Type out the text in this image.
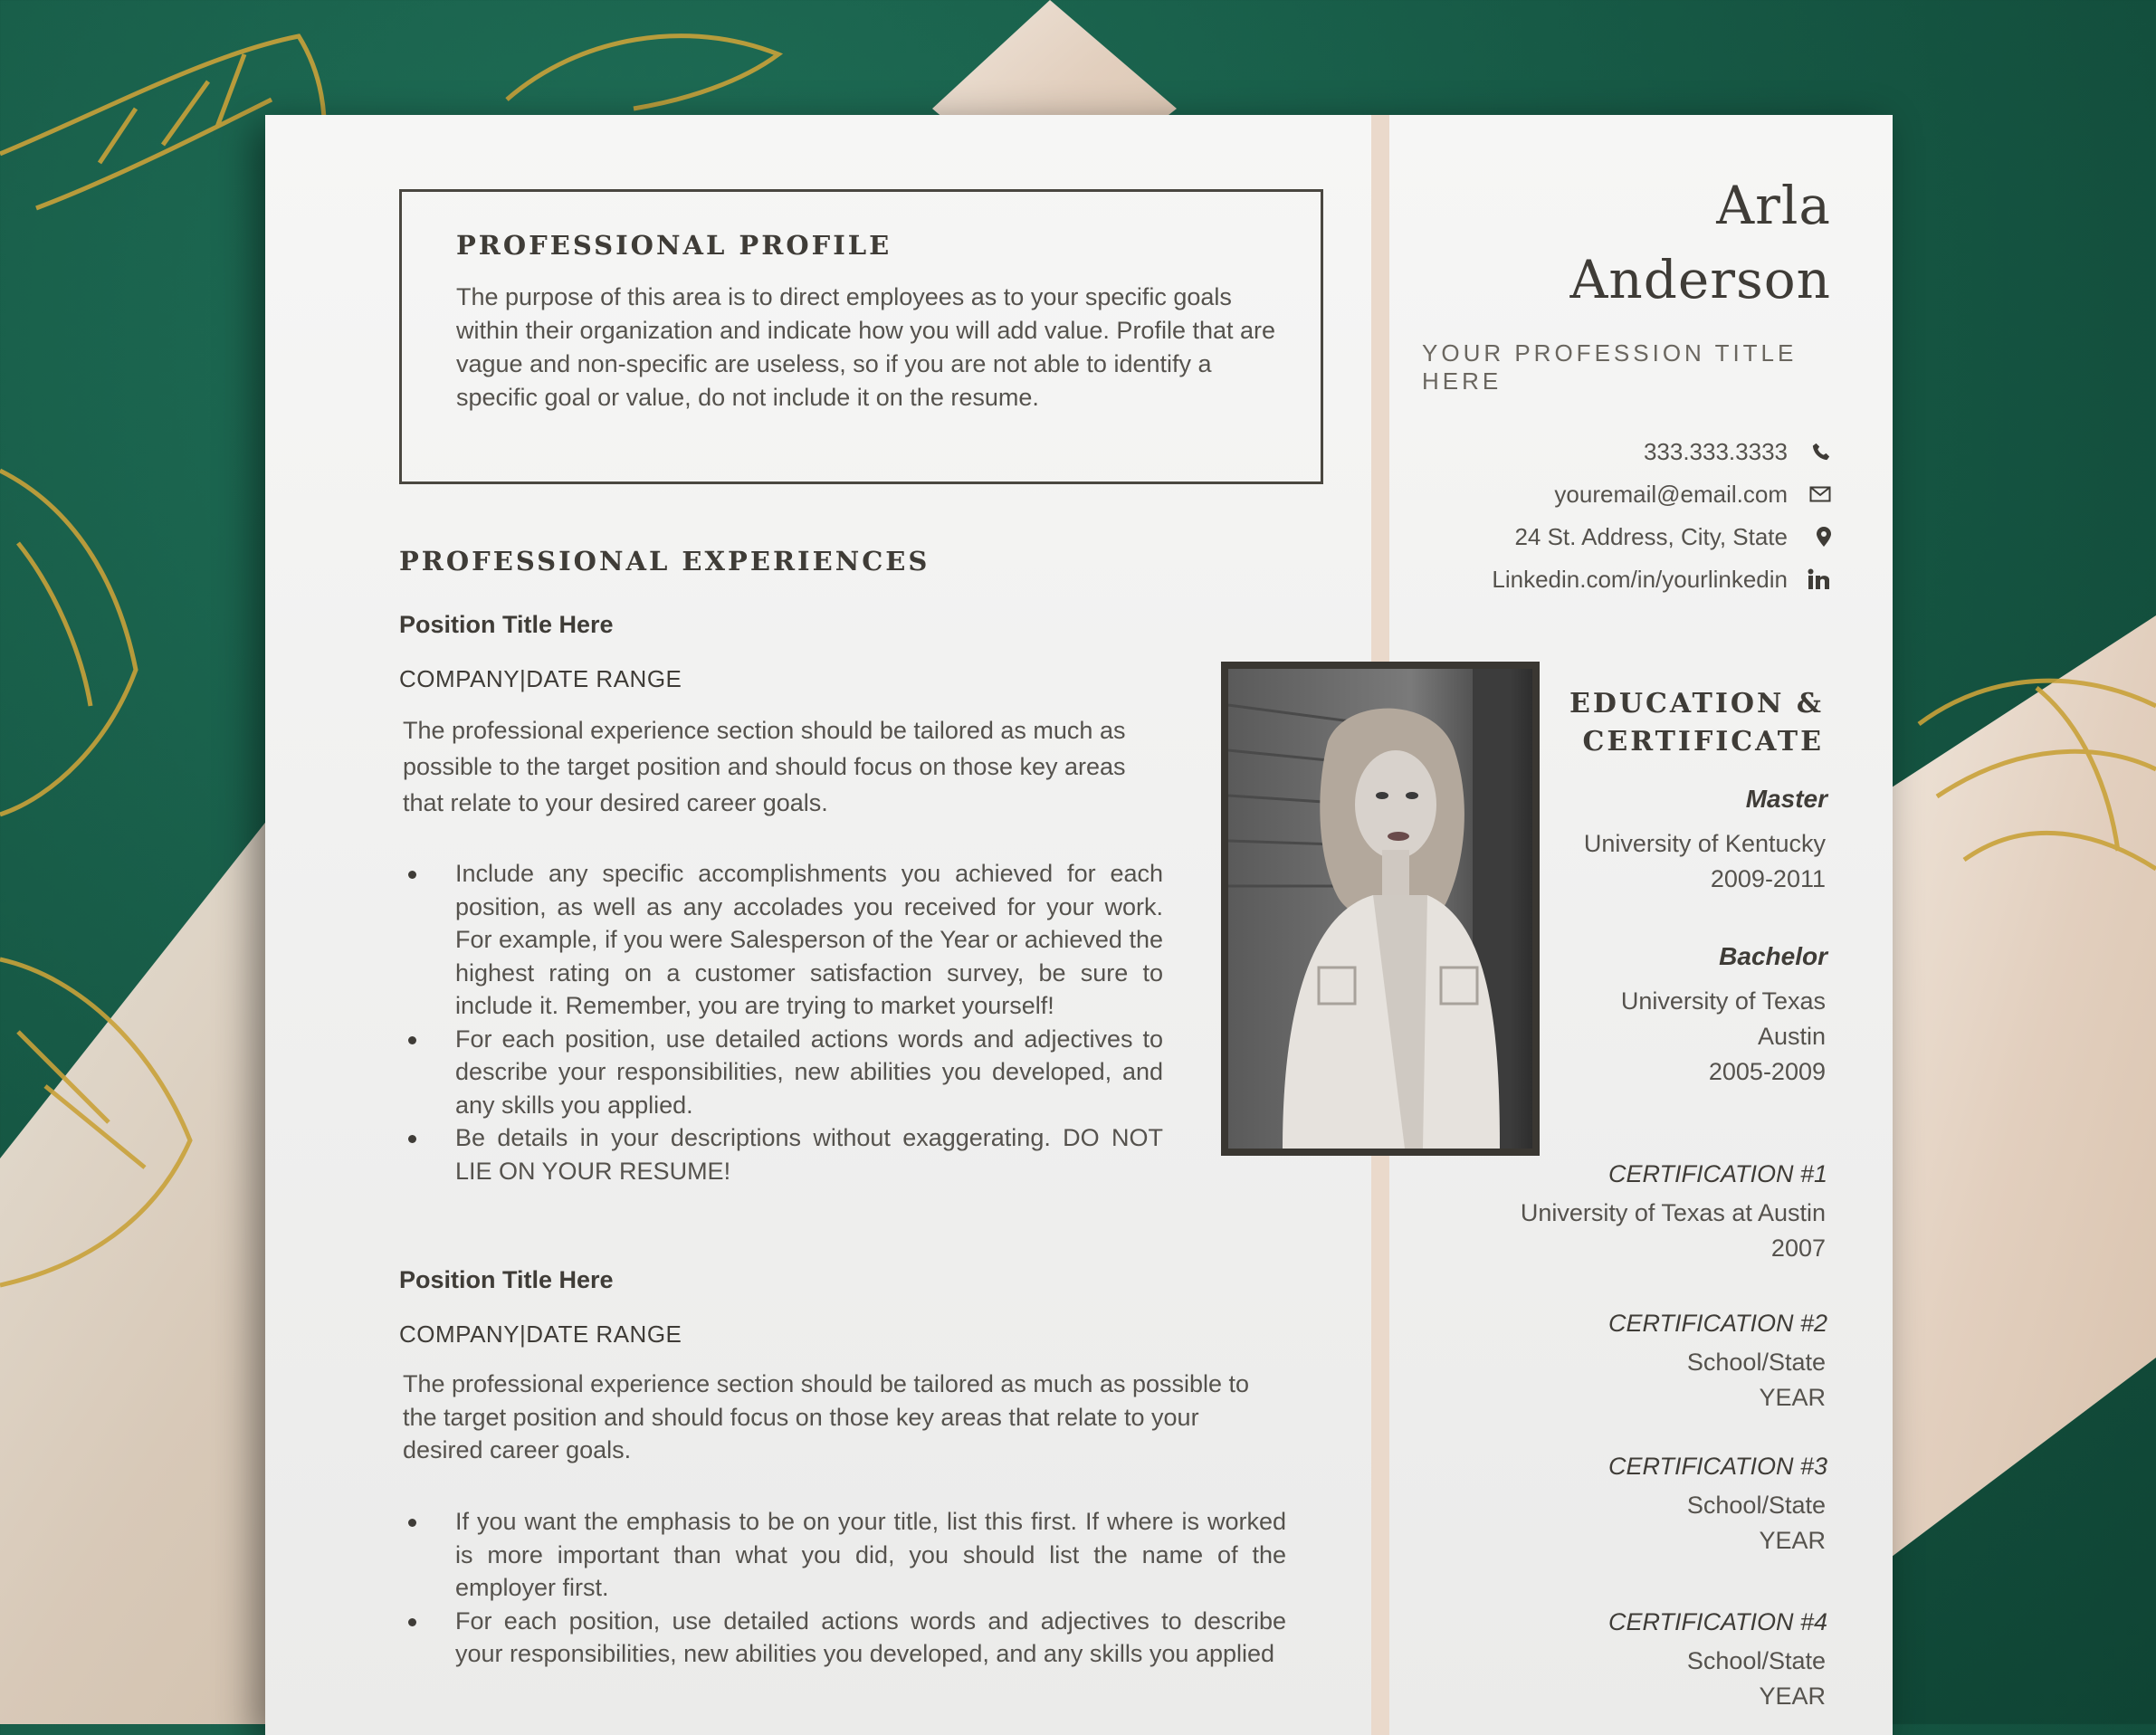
PROFESSIONAL PROFILE

The purpose of this area is to direct employees as to your specific goals within their organization and indicate how you will add value. Profile that are vague and non-specific are useless, so if you are not able to identify a specific goal or value, do not include it on the resume.

PROFESSIONAL EXPERIENCES

Position Title Here

COMPANY|DATE RANGE

The professional experience section should be tailored as much as possible to the target position and should focus on those key areas that relate to your desired career goals.

Include any specific accomplishments you achieved for each position, as well as any accolades you received for your work. For example, if you were Salesperson of the Year or achieved the highest rating on a customer satisfaction survey, be sure to include it. Remember, you are trying to market yourself!
For each position, use detailed actions words and adjectives to describe your responsibilities, new abilities you developed, and any skills you applied.
Be details in your descriptions without exaggerating. DO NOT LIE ON YOUR RESUME!

Position Title Here

COMPANY|DATE RANGE

The professional experience section should be tailored as much as possible to the target position and should focus on those key areas that relate to your desired career goals.

If you want the emphasis to be on your title, list this first. If where is worked is more important than what you did, you should list the name of the employer first.
For each position, use detailed actions words and adjectives to describe your responsibilities, new abilities you developed, and any skills you applied
Arla
Anderson

YOUR PROFESSION TITLE HERE

333.333.3333
youremail@email.com
24 St. Address, City, State
Linkedin.com/in/yourlinkedin
EDUCATION &
CERTIFICATE

Master

University of Kentucky

2009-2011

Bachelor

University of Texas

Austin

2005-2009

CERTIFICATION #1

University of Texas at Austin

2007

CERTIFICATION #2

School/State

YEAR

CERTIFICATION #3

School/State

YEAR

CERTIFICATION #4

School/State

YEAR
